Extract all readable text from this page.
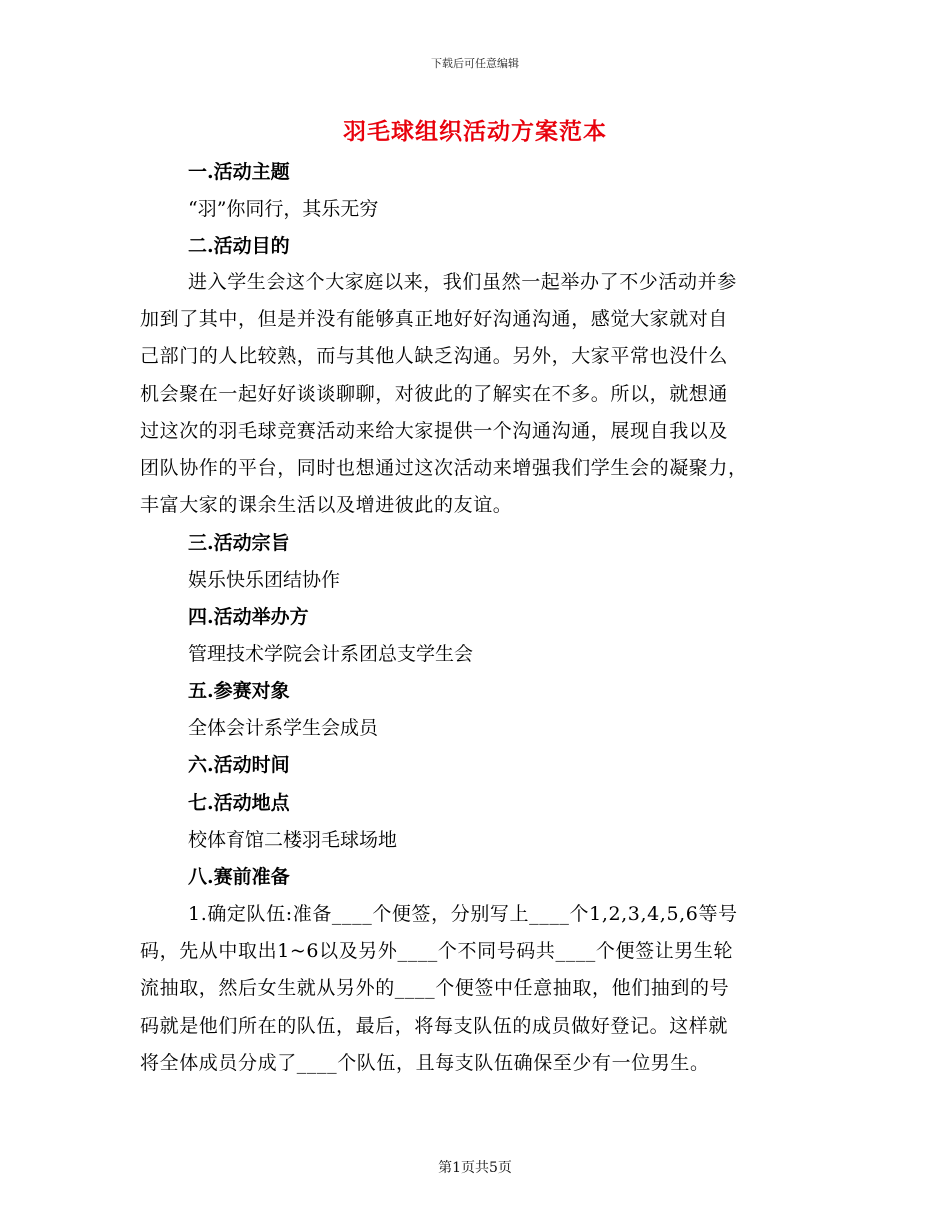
下载后可任意编辑
羽毛球组织活动方案范本
一.活动主题
“羽”你同行，其乐无穷
二.活动目的
进入学生会这个大家庭以来，我们虽然一起举办了不少活动并参
加到了其中，但是并没有能够真正地好好沟通沟通，感觉大家就对自
己部门的人比较熟，而与其他人缺乏沟通。另外，大家平常也没什么
机会聚在一起好好谈谈聊聊，对彼此的了解实在不多。所以，就想通
过这次的羽毛球竞赛活动来给大家提供一个沟通沟通，展现自我以及
团队协作的平台，同时也想通过这次活动来增强我们学生会的凝聚力，
丰富大家的课余生活以及增进彼此的友谊。
三.活动宗旨
娱乐快乐团结协作
四.活动举办方
管理技术学院会计系团总支学生会
五.参赛对象
全体会计系学生会成员
六.活动时间
七.活动地点
校体育馆二楼羽毛球场地
八.赛前准备
1.确定队伍:准备____个便签，分别写上____个1,2,3,4,5,6等号
码，先从中取出1~6以及另外____个不同号码共____个便签让男生轮
流抽取，然后女生就从另外的____个便签中任意抽取，他们抽到的号
码就是他们所在的队伍，最后，将每支队伍的成员做好登记。这样就
将全体成员分成了____个队伍，且每支队伍确保至少有一位男生。
第1页共5页
